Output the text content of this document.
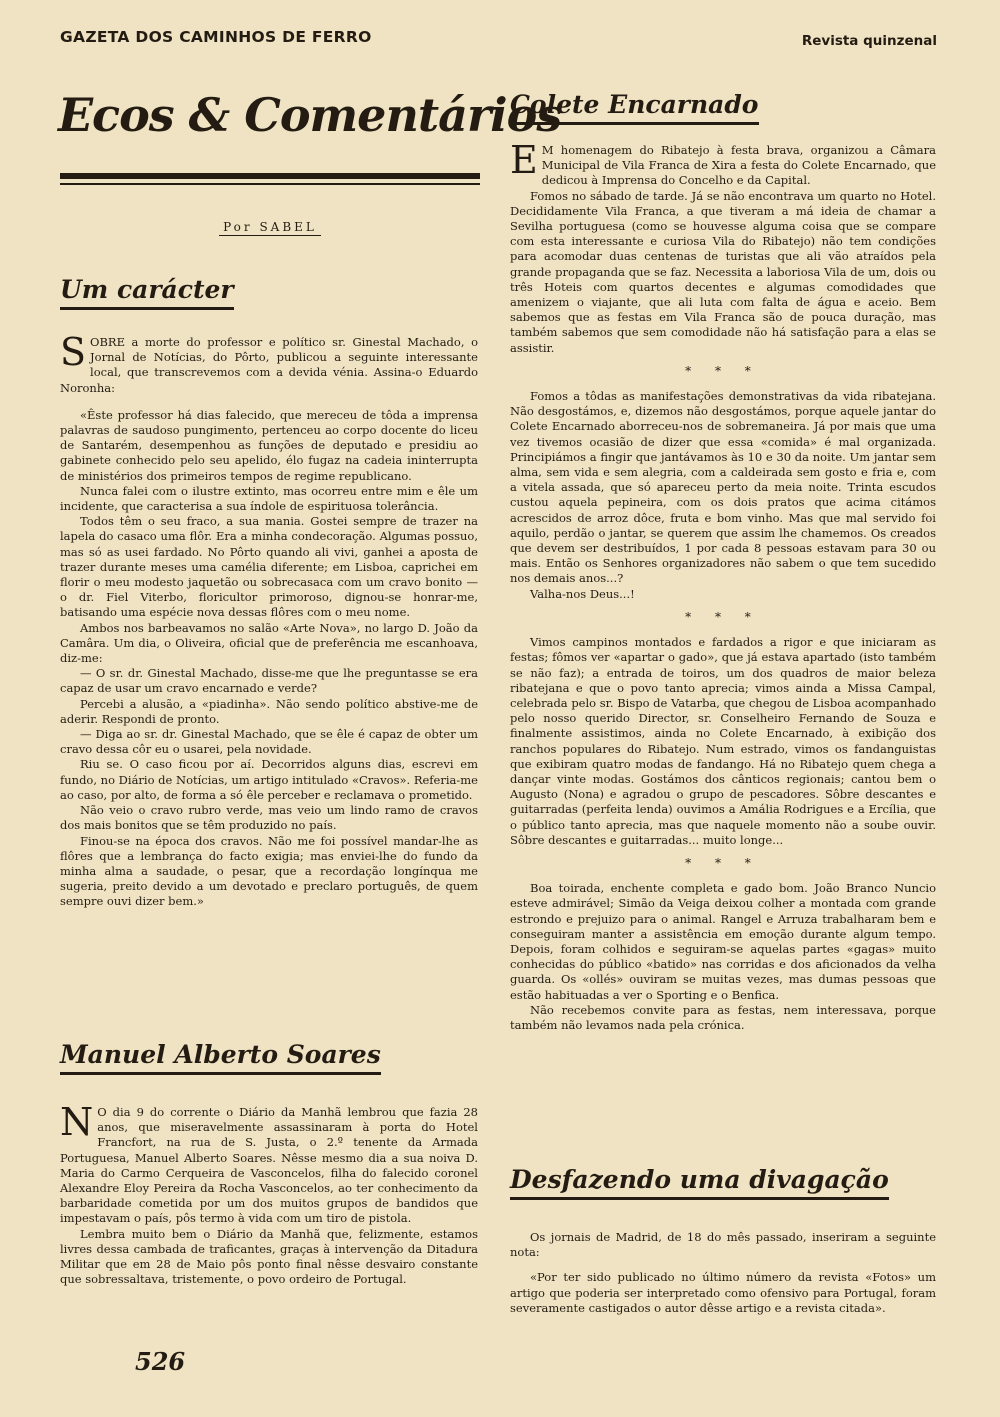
GAZETA DOS CAMINHOS DE FERRO	Revista quinzenal
Ecos & Comentários
Por SABEL
Um carácter

SOBRE a morte do professor e político sr. Ginestal Machado, o Jornal de Notícias, do Pôrto, publicou a seguinte interessante local, que transcrevemos com a devida vénia. Assina-o Eduardo Noronha:

«Êste professor há dias falecido, que mereceu de tôda a imprensa palavras de saudoso pungimento, pertenceu ao corpo docente do liceu de Santarém, desempenhou as funções de deputado e presidiu ao gabinete conhecido pelo seu apelido, élo fugaz na cadeia ininterrupta de ministérios dos primeiros tempos de regime republicano.

Nunca falei com o ilustre extinto, mas ocorreu entre mim e êle um incidente, que caracterisa a sua índole de espirituosa tolerância.

Todos têm o seu fraco, a sua mania. Gostei sempre de trazer na lapela do casaco uma flôr. Era a minha condecoração. Algumas possuo, mas só as usei fardado. No Pôrto quando ali vivi, ganhei a aposta de trazer durante meses uma camélia diferente; em Lisboa, caprichei em florir o meu modesto jaquetão ou sobrecasaca com um cravo bonito — o dr. Fiel Viterbo, floricultor primoroso, dignou-se honrar-me, batisando uma espécie nova dessas flôres com o meu nome.

Ambos nos barbeavamos no salão «Arte Nova», no largo D. João da Camâra. Um dia, o Oliveira, oficial que de preferência me escanhoava, diz-me:

— O sr. dr. Ginestal Machado, disse-me que lhe preguntasse se era capaz de usar um cravo encarnado e verde?

Percebi a alusão, a «piadinha». Não sendo político abstive-me de aderir. Respondi de pronto.

— Diga ao sr. dr. Ginestal Machado, que se êle é capaz de obter um cravo dessa côr eu o usarei, pela novidade.

Riu se. O caso ficou por aí. Decorridos alguns dias, escrevi em fundo, no Diário de Notícias, um artigo intitulado «Cravos». Referia-me ao caso, por alto, de forma a só êle perceber e reclamava o prometido.

Não veio o cravo rubro verde, mas veio um lindo ramo de cravos dos mais bonitos que se têm produzido no país.

Finou-se na época dos cravos. Não me foi possível mandar-lhe as flôres que a lembrança do facto exigia; mas enviei-lhe do fundo da minha alma a saudade, o pesar, que a recordação longínqua me sugeria, preito devido a um devotado e preclaro português, de quem sempre ouvi dizer bem.»

Manuel Alberto Soares

N O dia 9 do corrente o Diário da Manhã lembrou que fazia 28 anos, que miseravelmente assassinaram à porta do Hotel Francfort, na rua de S. Justa, o 2.º tenente da Armada Portuguesa, Manuel Alberto Soares. Nêsse mesmo dia a sua noiva D. Maria do Carmo Cerqueira de Vasconcelos, filha do falecido coronel Alexandre Eloy Pereira da Rocha Vasconcelos, ao ter conhecimento da barbaridade cometida por um dos muitos grupos de bandidos que impestavam o país, pôs termo à vida com um tiro de pistola.

Lembra muito bem o Diário da Manhã que, felizmente, estamos livres dessa cambada de traficantes, graças à intervenção da Ditadura Militar que em 28 de Maio pôs ponto final nêsse desvairo constante que sobressaltava, tristemente, o povo ordeiro de Portugal.

Colete Encarnado

E M homenagem do Ribatejo à festa brava, organizou a Câmara Municipal de Vila Franca de Xira a festa do Colete Encarnado, que dedicou à Imprensa do Concelho e da Capital.

Fomos no sábado de tarde. Já se não encontrava um quarto no Hotel. Decididamente Vila Franca, a que tiveram a má ideia de chamar a Sevilha portuguesa (como se houvesse alguma coisa que se compare com esta interessante e curiosa Vila do Ribatejo) não tem condições para acomodar duas centenas de turistas que ali vão atraídos pela grande propaganda que se faz. Necessita a laboriosa Vila de um, dois ou três Hoteis com quartos decentes e algumas comodidades que amenizem o viajante, que ali luta com falta de água e aceio. Bem sabemos que as festas em Vila Franca são de pouca duração, mas também sabemos que sem comodidade não há satisfação para a elas se assistir.

* * *

Fomos a tôdas as manifestações demonstrativas da vida ribatejana. Não desgostámos, e, dizemos não desgostámos, porque aquele jantar do Colete Encarnado aborreceu-nos de sobremaneira. Já por mais que uma vez tivemos ocasião de dizer que essa «comida» é mal organizada. Principiámos a fingir que jantávamos às 10 e 30 da noite. Um jantar sem alma, sem vida e sem alegria, com a caldeirada sem gosto e fria e, com a vitela assada, que só apareceu perto da meia noite. Trinta escudos custou aquela pepineira, com os dois pratos que acima citámos acrescidos de arroz dôce, fruta e bom vinho. Mas que mal servido foi aquilo, perdão o jantar, se querem que assim lhe chamemos. Os creados que devem ser destribuídos, 1 por cada 8 pessoas estavam para 30 ou mais. Então os Senhores organizadores não sabem o que tem sucedido nos demais anos...?

Valha-nos Deus...!

* * *

Vimos campinos montados e fardados a rigor e que iniciaram as festas; fômos ver «apartar o gado», que já estava apartado (isto também se não faz); a entrada de toiros, um dos quadros de maior beleza ribatejana e que o povo tanto aprecia; vimos ainda a Missa Campal, celebrada pelo sr. Bispo de Vatarba, que chegou de Lisboa acompanhado pelo nosso querido Director, sr. Conselheiro Fernando de Souza e finalmente assistimos, ainda no Colete Encarnado, à exibição dos ranchos populares do Ribatejo. Num estrado, vimos os fandanguistas que exibiram quatro modas de fandango. Há no Ribatejo quem chega a dançar vinte modas. Gostámos dos cânticos regionais; cantou bem o Augusto (Nona) e agradou o grupo de pescadores. Sôbre descantes e guitarradas (perfeita lenda) ouvimos a Amália Rodrigues e a Ercília, que o público tanto aprecia, mas que naquele momento não a soube ouvir. Sôbre descantes e guitarradas... muito longe...

* * *

Boa toirada, enchente completa e gado bom. João Branco Nuncio esteve admirável; Simão da Veiga deixou colher a montada com grande estrondo e prejuizo para o animal. Rangel e Arruza trabalharam bem e conseguiram manter a assistência em emoção durante algum tempo. Depois, foram colhidos e seguiram-se aquelas partes «gagas» muito conhecidas do público «batido» nas corridas e dos aficionados da velha guarda. Os «ollés» ouviram se muitas vezes, mas dumas pessoas que estão habituadas a ver o Sporting e o Benfica.

Não recebemos convite para as festas, nem interessava, porque também não levamos nada pela crónica.

Desfazendo uma divagação

Os jornais de Madrid, de 18 do mês passado, inseriram a seguinte nota:

«Por ter sido publicado no último número da revista «Fotos» um artigo que poderia ser interpretado como ofensivo para Portugal, foram severamente castigados o autor dêsse artigo e a revista citada».

526
